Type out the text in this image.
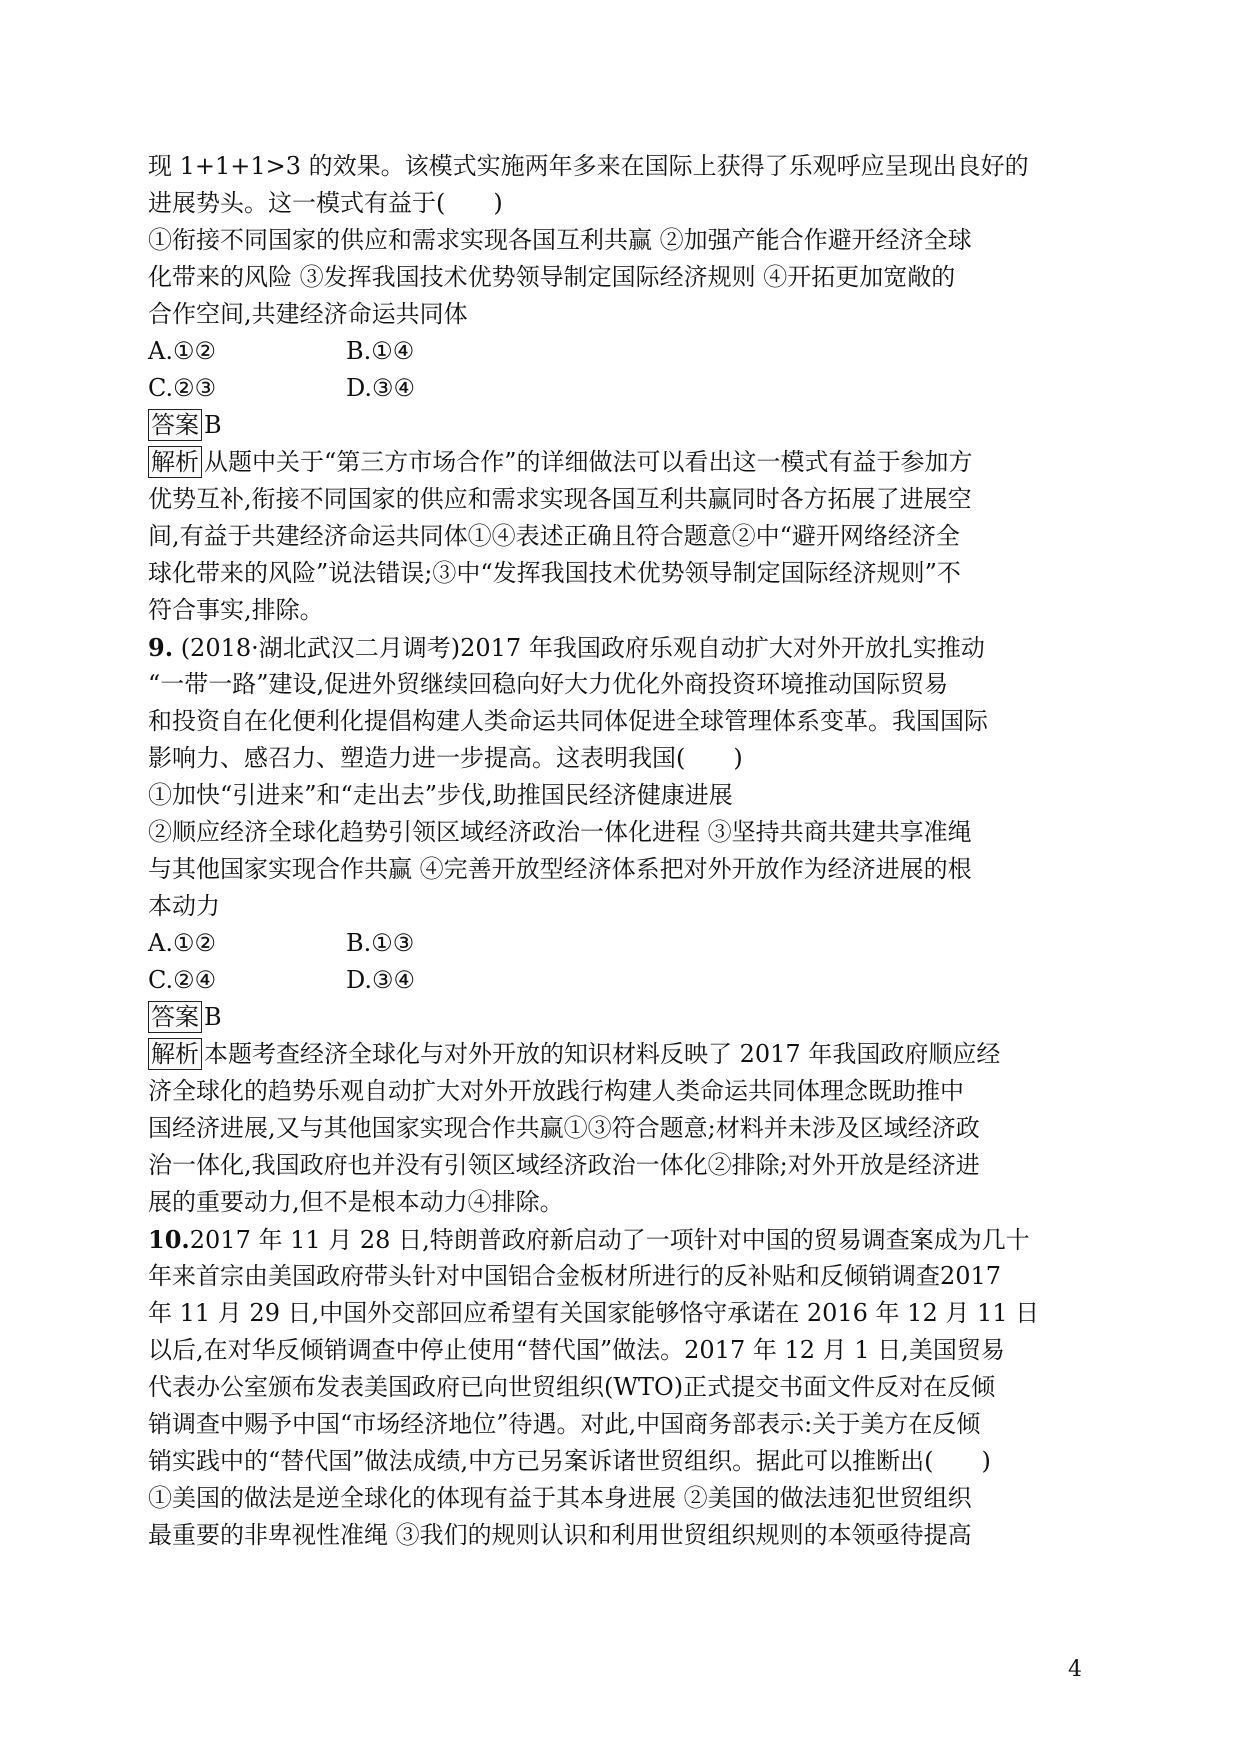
现 1+1+1>3 的效果。该模式实施两年多来在国际上获得了乐观呼应呈现出良好的
进展势头。这一模式有益于(　　)
①衔接不同国家的供应和需求实现各国互利共赢 ②加强产能合作避开经济全球
化带来的风险 ③发挥我国技术优势领导制定国际经济规则 ④开拓更加宽敞的
合作空间,共建经济命运共同体
A.①②	B.①④
C.②③	D.③④
答案 B
解析 从题中关于“第三方市场合作”的详细做法可以看出这一模式有益于参加方
优势互补,衔接不同国家的供应和需求实现各国互利共赢同时各方拓展了进展空
间,有益于共建经济命运共同体①④表述正确且符合题意②中“避开网络经济全
球化带来的风险”说法错误;③中“发挥我国技术优势领导制定国际经济规则”不
符合事实,排除。
9. (2018·湖北武汉二月调考)2017 年我国政府乐观自动扩大对外开放扎实推动
“一带一路”建设,促进外贸继续回稳向好大力优化外商投资环境推动国际贸易
和投资自在化便利化提倡构建人类命运共同体促进全球管理体系变革。我国国际
影响力、感召力、塑造力进一步提高。这表明我国(　　)
①加快“引进来”和“走出去”步伐,助推国民经济健康进展
②顺应经济全球化趋势引领区域经济政治一体化进程 ③坚持共商共建共享准绳
与其他国家实现合作共赢 ④完善开放型经济体系把对外开放作为经济进展的根
本动力
A.①②	B.①③
C.②④	D.③④
答案 B
解析 本题考查经济全球化与对外开放的知识材料反映了 2017 年我国政府顺应经
济全球化的趋势乐观自动扩大对外开放践行构建人类命运共同体理念既助推中
国经济进展,又与其他国家实现合作共赢①③符合题意;材料并未涉及区域经济政
治一体化,我国政府也并没有引领区域经济政治一体化②排除;对外开放是经济进
展的重要动力,但不是根本动力④排除。
10.2017 年 11 月 28 日,特朗普政府新启动了一项针对中国的贸易调查案成为几十
年来首宗由美国政府带头针对中国铝合金板材所进行的反补贴和反倾销调查2017
年 11 月 29 日,中国外交部回应希望有关国家能够恪守承诺在 2016 年 12 月 11 日
以后,在对华反倾销调查中停止使用“替代国”做法。2017 年 12 月 1 日,美国贸易
代表办公室颁布发表美国政府已向世贸组织(WTO)正式提交书面文件反对在反倾
销调查中赐予中国“市场经济地位”待遇。对此,中国商务部表示:关于美方在反倾
销实践中的“替代国”做法成绩,中方已另案诉诸世贸组织。据此可以推断出(　　)
①美国的做法是逆全球化的体现有益于其本身进展 ②美国的做法违犯世贸组织
最重要的非卑视性准绳 ③我们的规则认识和利用世贸组织规则的本领亟待提高
4
